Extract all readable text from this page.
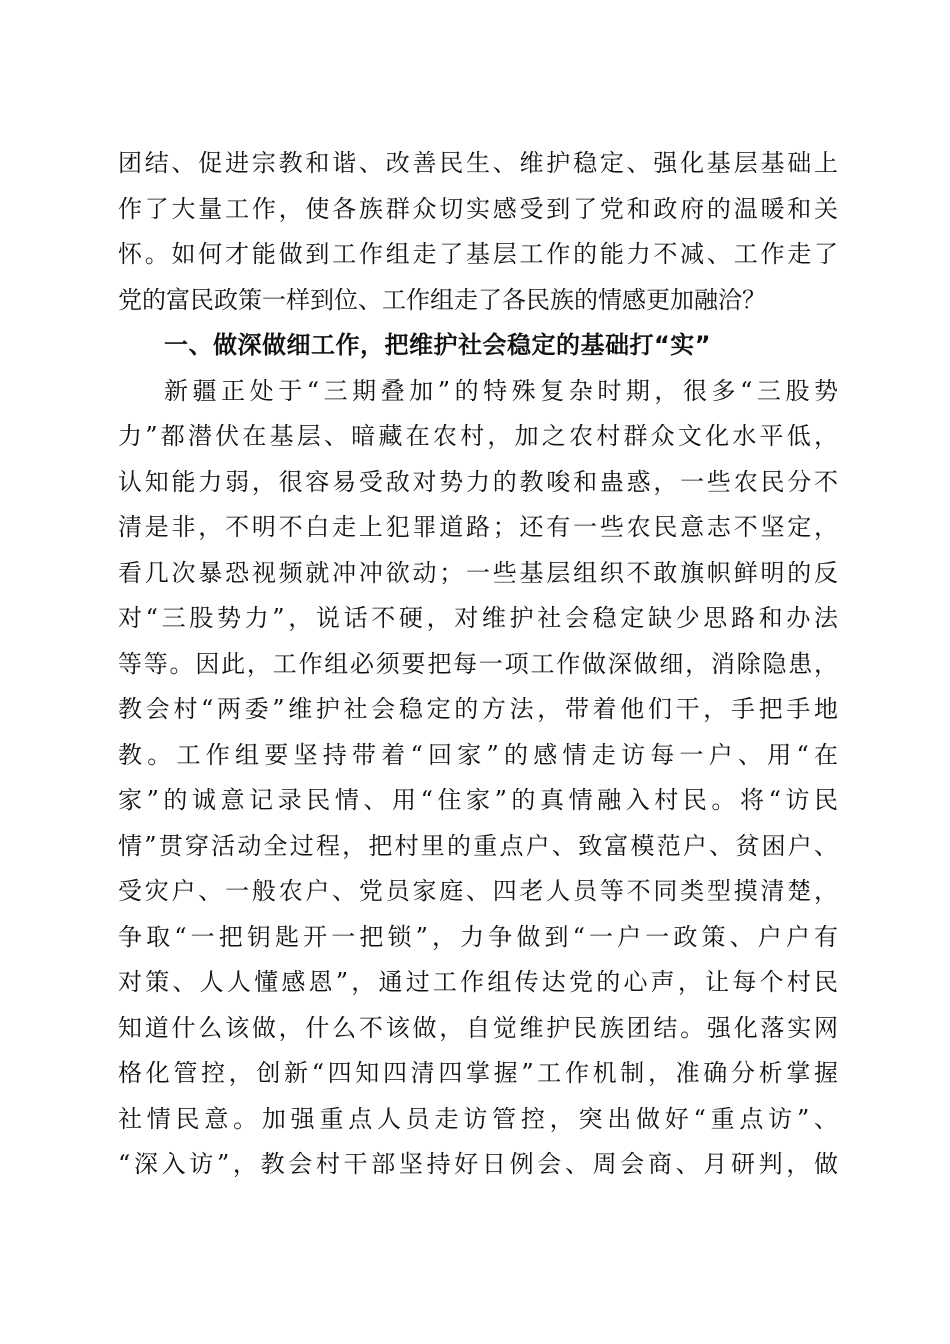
团结、促进宗教和谐、改善民生、维护稳定、强化基层基础上
作了大量工作，使各族群众切实感受到了党和政府的温暖和关
怀。如何才能做到工作组走了基层工作的能力不减、工作走了
党的富民政策一样到位、工作组走了各民族的情感更加融洽？
一、做深做细工作，把维护社会稳定的基础打“实”
新疆正处于“三期叠加”的特殊复杂时期，很多“三股势
力”都潜伏在基层、暗藏在农村，加之农村群众文化水平低，
认知能力弱，很容易受敌对势力的教唆和蛊惑，一些农民分不
清是非，不明不白走上犯罪道路；还有一些农民意志不坚定，
看几次暴恐视频就冲冲欲动；一些基层组织不敢旗帜鲜明的反
对“三股势力”，说话不硬，对维护社会稳定缺少思路和办法
等等。因此，工作组必须要把每一项工作做深做细，消除隐患，
教会村“两委”维护社会稳定的方法，带着他们干，手把手地
教。工作组要坚持带着“回家”的感情走访每一户、用“在
家”的诚意记录民情、用“住家”的真情融入村民。将“访民
情”贯穿活动全过程，把村里的重点户、致富模范户、贫困户、
受灾户、一般农户、党员家庭、四老人员等不同类型摸清楚，
争取“一把钥匙开一把锁”，力争做到“一户一政策、户户有
对策、人人懂感恩”，通过工作组传达党的心声，让每个村民
知道什么该做，什么不该做，自觉维护民族团结。强化落实网
格化管控，创新“四知四清四掌握”工作机制，准确分析掌握
社情民意。加强重点人员走访管控，突出做好“重点访”、
“深入访”，教会村干部坚持好日例会、周会商、月研判，做
